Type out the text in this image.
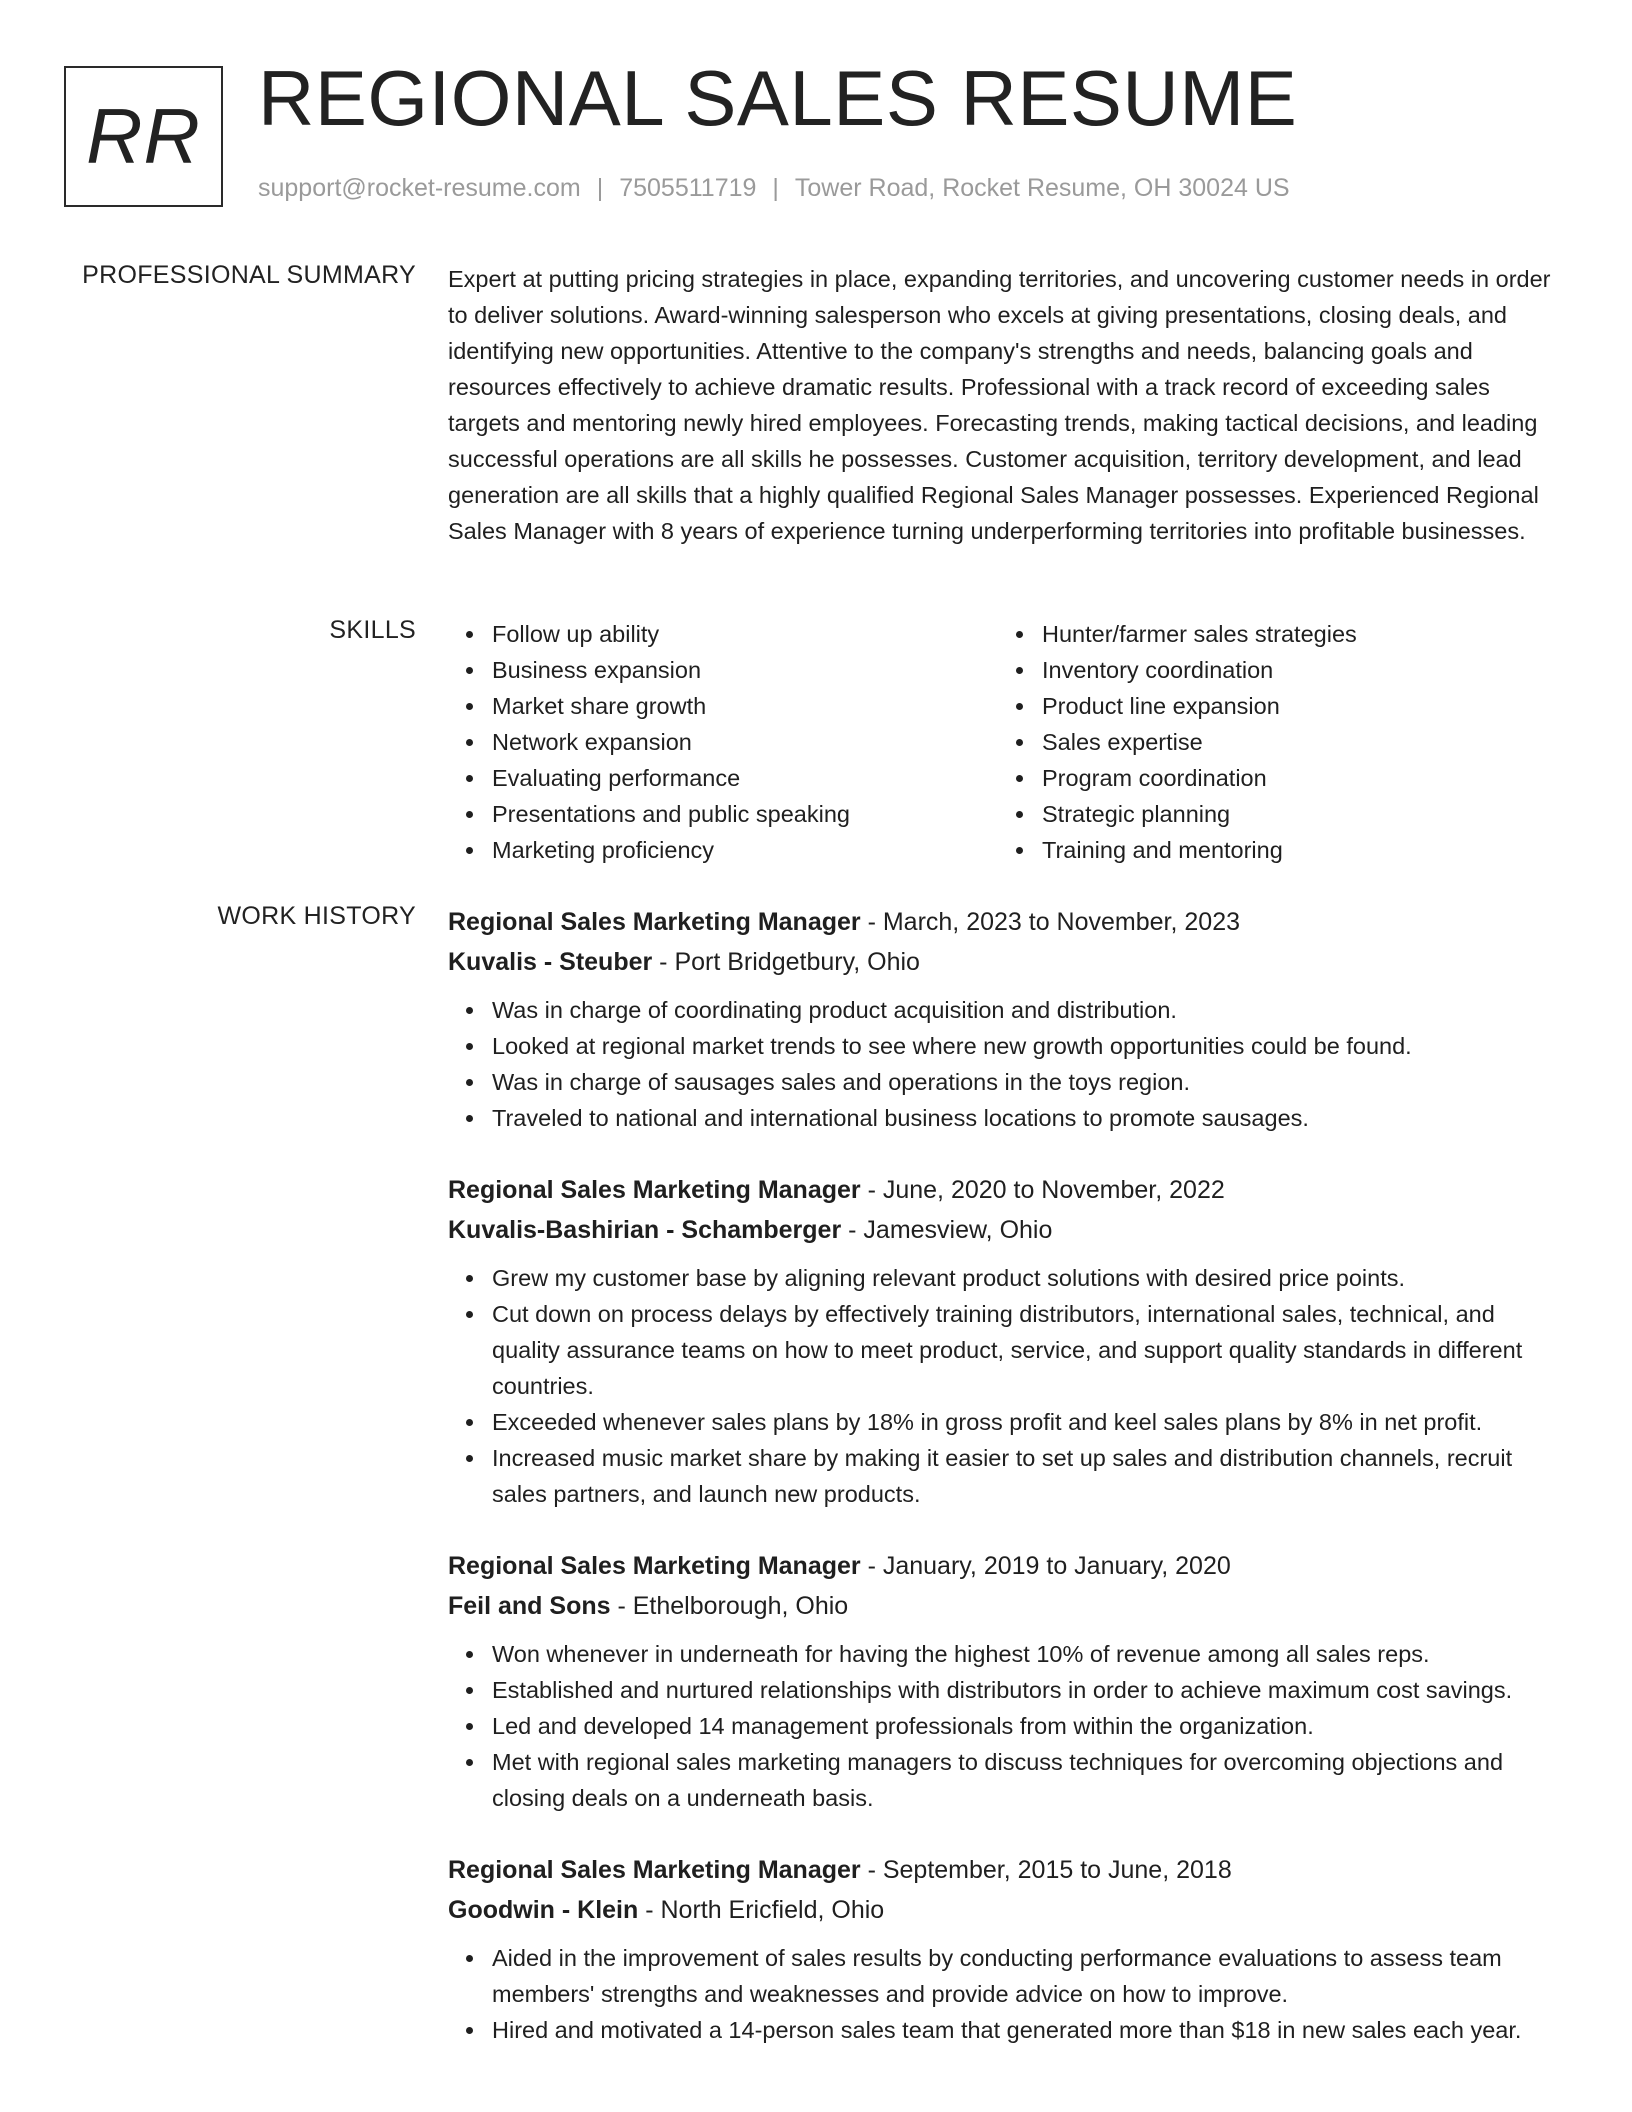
RR REGIONAL SALES RESUME
support@rocket-resume.com | 7505511719 | Tower Road, Rocket Resume, OH 30024 US
PROFESSIONAL SUMMARY Expert at putting pricing strategies in place, expanding territories, and uncovering customer needs in order to deliver solutions. Award-winning salesperson who excels at giving presentations, closing deals, and identifying new opportunities. Attentive to the company's strengths and needs, balancing goals and resources effectively to achieve dramatic results. Professional with a track record of exceeding sales targets and mentoring newly hired employees. Forecasting trends, making tactical decisions, and leading successful operations are all skills he possesses. Customer acquisition, territory development, and lead generation are all skills that a highly qualified Regional Sales Manager possesses. Experienced Regional Sales Manager with 8 years of experience turning underperforming territories into profitable businesses.

SKILLS	Follow up ability
Business expansion
Market share growth
Network expansion
Evaluating performance
Presentations and public speaking
Marketing proficiency
Hunter/farmer sales strategies
Inventory coordination
Product line expansion
Sales expertise
Program coordination
Strategic planning
Training and mentoring
WORK HISTORY Regional Sales Marketing Manager - March, 2023 to November, 2023
Kuvalis - Steuber - Port Bridgetbury, Ohio
Was in charge of coordinating product acquisition and distribution.
Looked at regional market trends to see where new growth opportunities could be found.
Was in charge of sausages sales and operations in the toys region.
Traveled to national and international business locations to promote sausages.
Regional Sales Marketing Manager - June, 2020 to November, 2022
Kuvalis-Bashirian - Schamberger - Jamesview, Ohio
Grew my customer base by aligning relevant product solutions with desired price points.
Cut down on process delays by effectively training distributors, international sales, technical, and quality assurance teams on how to meet product, service, and support quality standards in different countries.
Exceeded whenever sales plans by 18% in gross profit and keel sales plans by 8% in net profit.
Increased music market share by making it easier to set up sales and distribution channels, recruit sales partners, and launch new products.
Regional Sales Marketing Manager - January, 2019 to January, 2020
Feil and Sons - Ethelborough, Ohio
Won whenever in underneath for having the highest 10% of revenue among all sales reps.
Established and nurtured relationships with distributors in order to achieve maximum cost savings.
Led and developed 14 management professionals from within the organization.
Met with regional sales marketing managers to discuss techniques for overcoming objections and closing deals on a underneath basis.
Regional Sales Marketing Manager - September, 2015 to June, 2018
Goodwin - Klein - North Ericfield, Ohio
Aided in the improvement of sales results by conducting performance evaluations to assess team members' strengths and weaknesses and provide advice on how to improve.
Hired and motivated a 14-person sales team that generated more than $18 in new sales each year.
